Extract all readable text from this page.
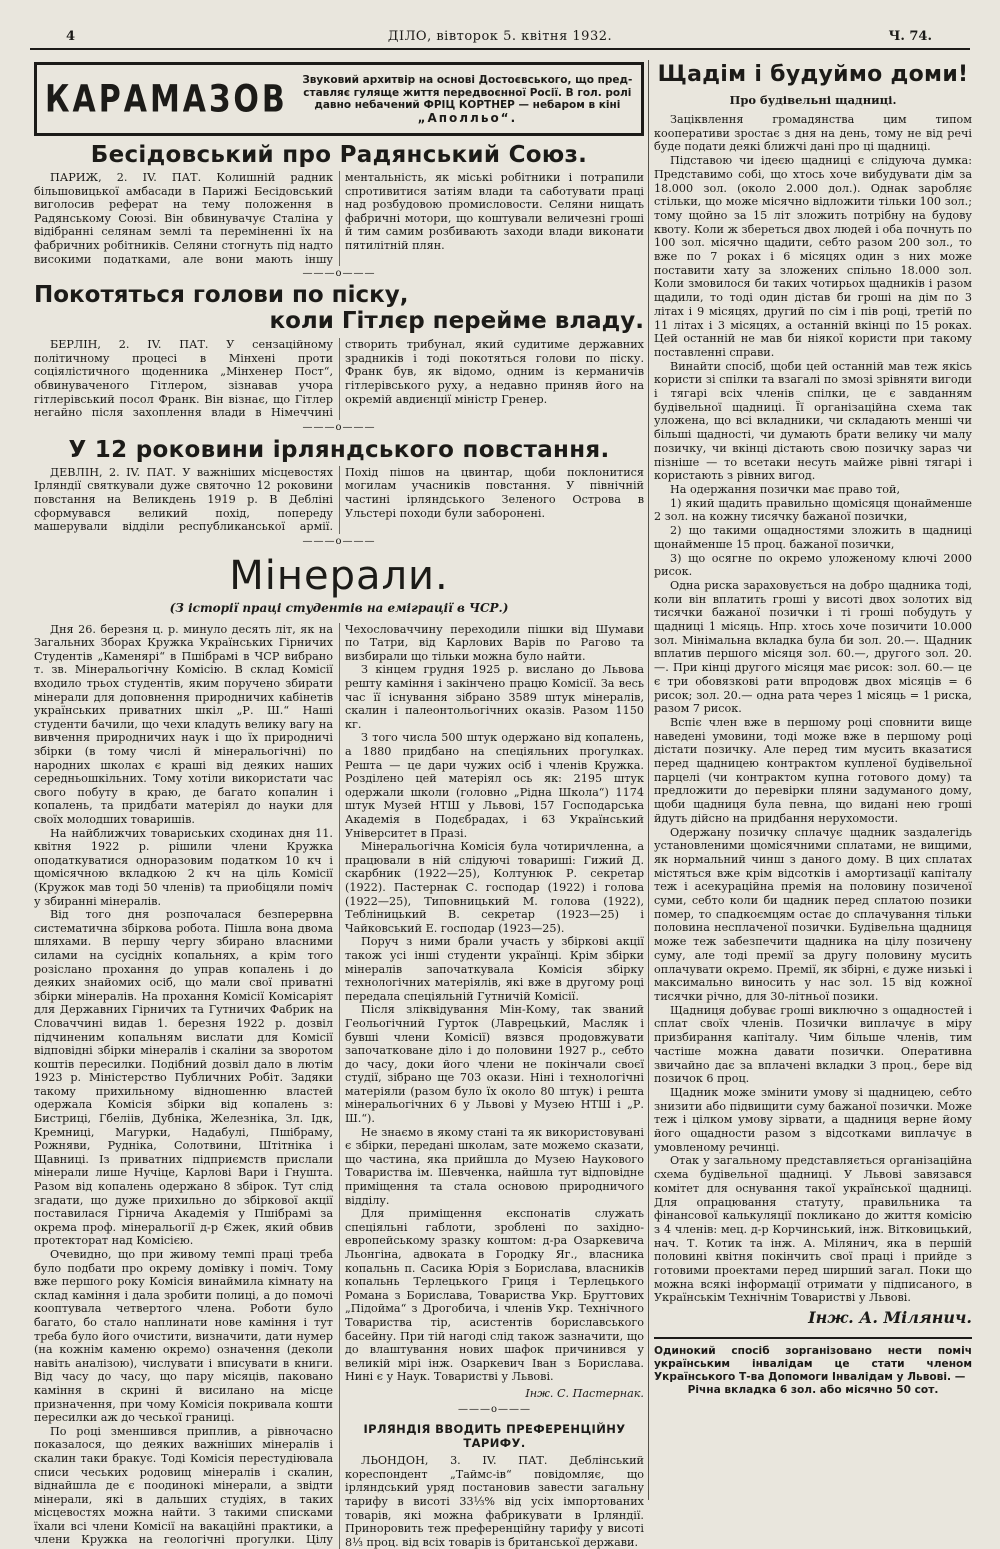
4	ДІЛО, вівторок 5. квітня 1932.	Ч. 74.
КАРАМАЗОВ Звуковий архитвір на основі Достоєвського, що пред-
ставляє гуляще життя передвоєнної Росії. В гол. ролі
давно небачений ФРІЦ КОРТНЕР — небаром в кіні
„Аполльо“.
Бесідовський про Радянський Союз.

ПАРИЖ, 2. IV. ПАТ. Колишній радник більшовицької амбасади в Парижі Бесідовський виголосив реферат на тему положення в Радянському Союзі. Він обвинувачує Сталіна у відібранні селянам землі та переміненні їх на фабричних робітників. Селяни стогнуть під надто високими податками, але вони мають іншу ментальність, як міські робітники і потрапили спротивитися затіям влади та саботувати праці над розбудовою промисловости. Селяни нищать фабричні мотори, що коштували величезні гроші й тим самим розбивають заходи влади виконати пятилітній плян.

———o———
Покотяться голови по піску,
коли Гітлєр перейме владу.

БЕРЛІН, 2. IV. ПАТ. У сензаційному політичному процесі в Мінхені проти соціялістичного щоденника „Мінхенер Пост“, обвинуваченого Гітлером, зізнавав учора гітлерівський посол Франк. Він візнає, що Гітлер негайно після захоплення влади в Німеччині створить трибунал, який судитиме державних зрадників і тоді покотяться голови по піску. Франк був, як відомо, одним із керманичів гітлерівського руху, а недавно приняв його на окремій авдиєнції міністр Гренер.

———o———
У 12 роковини ірляндського повстання.

ДЕВЛІН, 2. IV. ПАТ. У важніших місцевостях Ірляндії святкували дуже святочно 12 роковини повстання на Великдень 1919 р. В Дебліні сформувався великий похід, попереду машерували відділи республиканської армії. Похід пішов на цвинтар, щоби поклонитися могилам учасників повстання. У північній частині ірляндського Зеленого Острова в Ульстері походи були заборонені.

———o———
Мінерали.
(З історії праці студентів на еміграції в ЧСР.)

Дня 26. березня ц. р. минуло десять літ, як на Загальних Зборах Кружка Українських Гірничих Студентів „Каменярі“ в Пшібрамі в ЧСР вибрано т. зв. Мінеральогічну Комісію. В склад Комісії входило трьох студентів, яким поручено збирати мінерали для доповнення природничих кабінетів українських приватних шкіл „Р. Ш.“ Наші студенти бачили, що чехи кладуть велику вагу на вивчення природничих наук і що їх природничі збірки (в тому числі й мінеральогічні) по народних школах є краші від деяких наших середньошкільних. Тому хотіли використати час свого побуту в краю, де багато копалин і копалень, та придбати матеріял до науки для своїх молодших товаришів.

На найближчих товариських сходинах дня 11. квітня 1922 р. рішили члени Кружка оподаткуватися одноразовим податком 10 кч і щомісячною вкладкою 2 кч на ціль Комісії (Кружок мав тоді 50 членів) та приобіцяли поміч у збиранні мінералів.

Від того дня розпочалася безперервна систематична збіркова робота. Пішла вона двома шляхами. В першу чергу збирано власними силами на сусідніх копальнях, а крім того розіслано прохання до управ копалень і до деяких знайомих осіб, що мали свої приватні збірки мінералів. На прохання Комісії Комісаріят для Державних Гірничих та Гутничих Фабрик на Словаччині видав 1. березня 1922 р. дозвіл підчиненим копальням вислати для Комісії відповідні збірки мінералів і скаліни за зворотом коштів пересилки. Подібний дозвіл дало в лютім 1923 р. Міністерство Публичних Робіт. Задяки такому прихильному відношенню властей одержала Комісія збірки від копалень з: Бистриці, Гбеліів, Дубніка, Железніка, Зл. Ідк, Кремниці, Магурки, Надабулі, Пшібраму, Рожняви, Рудніка, Солотвини, Штітніка і Щавниці. Із приватних підприємств прислали мінерали лише Нучіце, Карлові Вари і Гнушта. Разом від копалень одержано 8 збірок. Тут слід згадати, що дуже прихильно до збіркової акції поставилася Гірнича Академія у Пшібрамі за окрема проф. мінеральогії д-р Єжек, який обвив протекторат над Комісією.

Очевидно, що при живому темпі праці треба було подбати про окрему домівку і поміч. Тому вже першого року Комісія винаймила кімнату на склад каміння і дала зробити полиці, а до помочі кооптувала четвертого члена. Роботи було багато, бо стало наплинати нове каміння і тут треба було його очистити, визначити, дати нумер (на кожнім каменю окремо) означення (деколи навіть аналізою), числувати і вписувати в книги. Від часу до часу, що пару місяців, паковано каміння в скрині й висилано на місце призначення, при чому Комісія покривала кошти пересилки аж до чеської границі.

По році зменшився приплив, а рівночасно показалося, що деяких важніших мінералів і скалин таки бракує. Тоді Комісія перестудіювала списи чеських родовищ мінералів і скалин, віднайшла де є поодинокі мінерали, а звідти мінерали, які в дальших студіях, в таких місцевостях можна найти. З такими списками їхали всі члени Комісії на вакаційні практики, а члени Кружка на геологічні прогулки. Цілу Чехословаччину переходили пішки від Шумави по Татри, від Карлових Варів по Рагово та визбирали що тільки можна було найти.

З кінцем грудня 1925 р. вислано до Львова решту каміння і закінчено працю Комісії. За весь час її існування зібрано 3589 штук мінералів, скалин і палеонтольогічних оказів. Разом 1150 кг.

З того числа 500 штук одержано від копалень, а 1880 придбано на спеціяльних прогулках. Решта — це дари чужих осіб і членів Кружка. Розділено цей матеріял ось як: 2195 штук одержали школи (головно „Рідна Школа“) 1174 штук Музей НТШ у Львові, 157 Господарська Академія в Подєбрадах, і 63 Український Університет в Празі.

Мінеральогічна Комісія була чотиричленна, а працювали в ній слідуючі товариші: Гижий Д. скарбник (1922—25), Колтунюк Р. секретар (1922). Пастернак С. господар (1922) і голова (1922—25), Типовницький М. голова (1922), Тебліницький В. секретар (1923—25) і Чайковський Е. господар (1923—25).

Поруч з ними брали участь у збіркові акції також усі інші студенти українці. Крім збірки мінералів започаткувала Комісія збірку технологічних матеріялів, які вже в другому році передала спеціяльній Гутничій Комісії.

Після зліквідування Мін-Кому, так званий Геольогічний Гурток (Лаврецький, Масляк і бувші члени Комісії) вязвся продовжувати започатковане діло і до половини 1927 р., себто до часу, доки його члени не покінчали своєї студії, зібрано ще 703 окази. Ніні і технологічні матеріяли (разом було їх около 80 штук) і решта мінеральогічних 6 у Львові у Музею НТШ і „Р. Ш.“).

Не знаємо в якому стані та як використовувані є збірки, передані школам, зате можемо сказати, що частина, яка прийшла до Музею Наукового Товариства ім. Шевченка, найшла тут відповідне приміщення та стала основою природничого відділу.

Для приміщення експонатів служать спеціяльні габлоти, зроблені по західно-европейському зразку коштом: д-ра Озаркевича Льонгіна, адвоката в Городку Яг., власника копальнь п. Сасика Юрія з Борислава, власників копальнь Терлецького Гриця і Терлецького Романа з Борислава, Товариства Укр. Бруттових „Підойма“ з Дрогобича, і членів Укр. Технічного Товариства тір, асистентів бориславського басейну. При тій нагоді слід також зазначити, що до влаштування нових шафок причинився у великій мірі інж. Озаркевич Іван з Борислава. Нині є у Наук. Товаристві у Львові.

Інж. С. Пастернак.
———o———
ІРЛЯНДІЯ ВВОДИТЬ ПРЕФЕРЕНЦІЙНУ ТАРИФУ.

ЛЬОНДОН, 3. IV. ПАТ. Деблінський кореспондент „Таймс-ів“ повідомляє, що ірляндський уряд постановив завести загальну тарифу в висоті 33⅓% від усіх імпортованих товарів, які можна фабрикувати в Ірляндії. Приноровить теж преференційну тарифу у висоті 8⅓ проц. від всіх товарів із британської держави.

Щадім і будуймо доми!
Про будівельні щадниці.

Заціквлення громадянства цим типом кооперативи зростає з дня на день, тому не від речі буде подати деякі ближчі дані про ці щадниці.

Підставою чи ідеєю щадниці є слідуюча думка: Представимо собі, що хтось хоче вибудувати дім за 18.000 зол. (около 2.000 дол.). Однак заробляє стільки, що може місячно відложити тільки 100 зол.; тому щойно за 15 літ зложить потрібну на будову квоту. Коли ж збереться двох людей і оба почнуть по 100 зол. місячно щадити, себто разом 200 зол., то вже по 7 роках і 6 місяцях один з них може поставити хату за зложених спільно 18.000 зол. Коли змовилося би таких чотирьох щадників і разом щадили, то тоді один дістав би гроші на дім по 3 літах і 9 місяцях, другий по сім і пів році, третій по 11 літах і 3 місяцях, а останній вкінці по 15 роках. Цей останній не мав би ніякої користи при такому поставленні справи.

Винайти спосіб, щоби цей останній мав теж якісь користи зі спілки та взагалі по змозі зрівняти вигоди і тягарі всіх членів спілки, це є завданням будівельної щадниці. Її організаційна схема так уложена, що всі вкладники, чи складають менші чи більші щадності, чи думають брати велику чи малу позичку, чи вкінці дістають свою позичку зараз чи пізніше — то всетаки несуть майже рівні тягарі і користають з рівних вигод.

На одержання позички має право той,

1) який щадить правильно щомісяця щонайменше 2 зол. на кожну тисячку бажаної позички,

2) що такими ощадностями зложить в щадниці щонайменше 15 проц. бажаної позички,

3) що осягне по окремо уложеному ключі 2000 рисок.

Одна риска зараховується на добро щадника тоді, коли він вплатить гроші у висоті двох золотих від тисячки бажаної позички і ті гроші побудуть у щадниці 1 місяць. Нпр. хтось хоче позичити 10.000 зол. Мінімальна вкладка була би зол. 20.—. Щадник вплатив першого місяця зол. 60.—, другого зол. 20.—. При кінці другого місяця має рисок: зол. 60.— це є три обовязкові рати впродовж двох місяців = 6 рисок; зол. 20.— одна рата через 1 місяць = 1 риска, разом 7 рисок.

Вспіє член вже в першому році сповнити вище наведені умовини, тоді може вже в першому році дістати позичку. Але перед тим мусить вказатися перед щадницею контрактом купленої будівельної парцелі (чи контрактом купна готового дому) та предложити до перевірки пляни задуманого дому, щоби щадниця була певна, що видані нею гроші йдуть дійсно на придбання нерухомости.

Одержану позичку сплачує щадник заздалегідь установленими щомісячними сплатами, не вищими, як нормальний чинш з даного дому. В цих сплатах містяться вже крім відсотків і амортизації капіталу теж і асекураційна премія на половину позиченої суми, себто коли би щадник перед сплатою позики помер, то спадкоємцям остає до сплачування тільки половина несплаченої позички. Будівельна щадниця може теж забезпечити щадника на цілу позичену суму, але тоді премії за другу половину мусить оплачувати окремо. Премії, як збірні, є дуже низькі і максимально виносить у нас зол. 15 від кожної тисячки річно, для 30-літньої позики.

Щадниця добуває гроші виключно з ощадностей і сплат своїх членів. Позички виплачує в міру призбирання капіталу. Чим більше членів, тим частіше можна давати позички. Оперативна звичайно дає за вплачені вкладки 3 проц., бере від позичок 6 проц.

Щадник може змінити умову зі щадницею, себто знизити або підвищити суму бажаної позички. Може теж і цілком умову зірвати, а щадниця верне йому його ощадности разом з відсотками виплачує в умовленому речинці.

Отак у загальному представляється організаційна схема будівельної щадниці. У Львові завязався комітет для оснування такої української щадниці. Для опрацювання статуту, правильника та фінансової калькуляції покликано до життя комісію з 4 членів: мец. д-р Корчинський, інж. Вітковицький, нач. Т. Котик та інж. А. Мілянич, яка в першій половині квітня покінчить свої праці і прийде з готовими проектами перед ширший загал. Поки що можна всякі інформації отримати у підписаного, в Українськім Технічнім Товаристві у Львові.

Інж. А. Мілянич.
Одинокий спосіб зорганізовано нести поміч українським інвалідам це стати членом Українського Т-ва Допомоги Інвалідам у Львові. —
Річна вкладка 6 зол. або місячно 50 сот.
